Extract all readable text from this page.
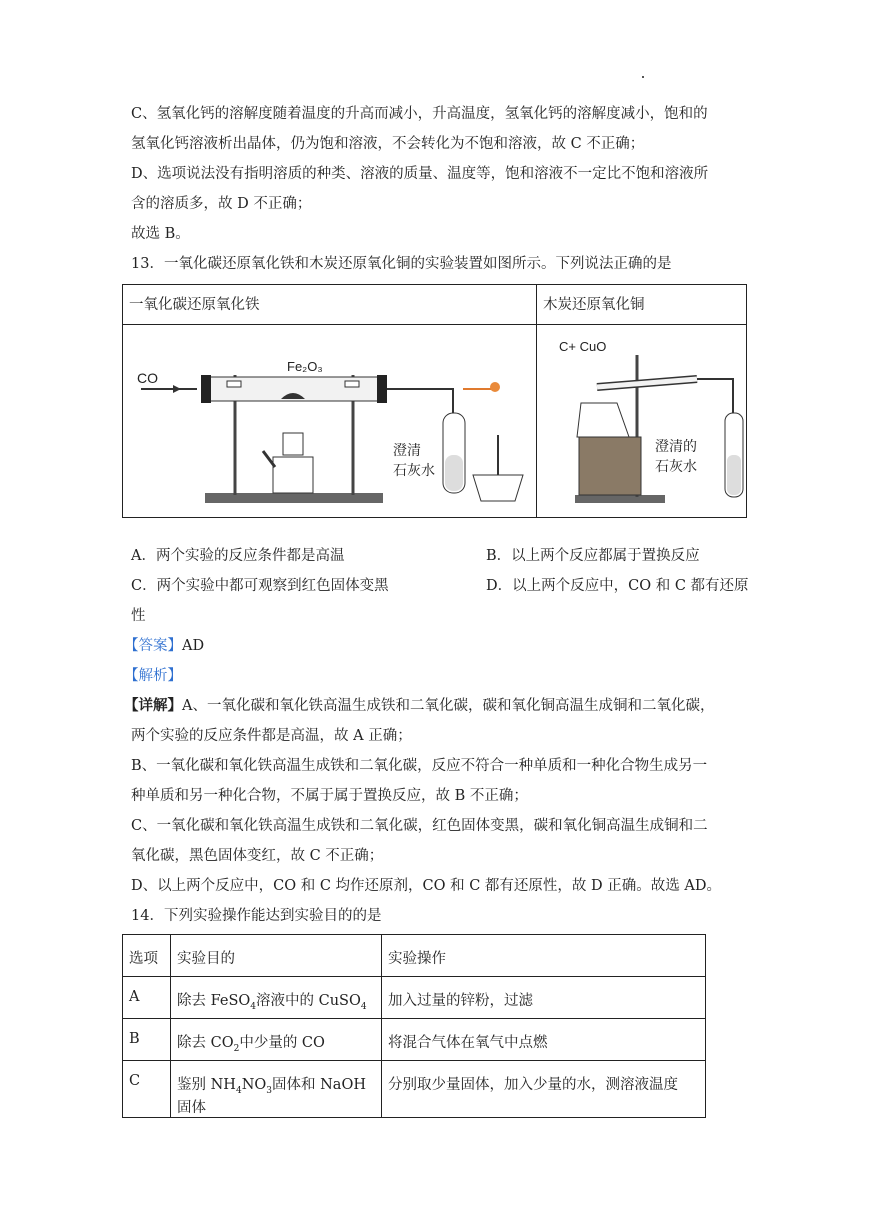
C、氢氧化钙的溶解度随着温度的升高而减小，升高温度，氢氧化钙的溶解度减小，饱和的
氢氧化钙溶液析出晶体，仍为饱和溶液，不会转化为不饱和溶液，故 C 不正确；
D、选项说法没有指明溶质的种类、溶液的质量、温度等，饱和溶液不一定比不饱和溶液所
含的溶质多，故 D 不正确；
故选 B。
13．一氧化碳还原氧化铁和木炭还原氧化铜的实验装置如图所示。下列说法正确的是
一氧化碳还原氧化铁	木炭还原氧化铜

CO
Fe₂O₃
澄清
石灰水	C+ CuO
澄清的
石灰水
A．两个实验的反应条件都是高温	B．以上两个反应都属于置换反应
C．两个实验中都可观察到红色固体变黑	D．以上两个反应中，CO 和 C 都有还原
性
【答案】AD
【解析】
【详解】A、一氧化碳和氧化铁高温生成铁和二氧化碳，碳和氧化铜高温生成铜和二氧化碳，
两个实验的反应条件都是高温，故 A 正确；
B、一氧化碳和氧化铁高温生成铁和二氧化碳，反应不符合一种单质和一种化合物生成另一
种单质和另一种化合物，不属于属于置换反应，故 B 不正确；
C、一氧化碳和氧化铁高温生成铁和二氧化碳，红色固体变黑，碳和氧化铜高温生成铜和二
氧化碳，黑色固体变红，故 C 不正确；
D、以上两个反应中，CO 和 C 均作还原剂，CO 和 C 都有还原性，故 D 正确。故选 AD。
14．下列实验操作能达到实验目的的是
选项	实验目的	实验操作
A	除去 FeSO$_4$溶液中的 CuSO$_4$	加入过量的锌粉，过滤
B	除去 $CO_2$中少量的 CO	将混合气体在氧气中点燃
C	鉴别 $NH_4NO_3$固体和 NaOH 固体	分别取少量固体，加入少量的水，测溶液温度
